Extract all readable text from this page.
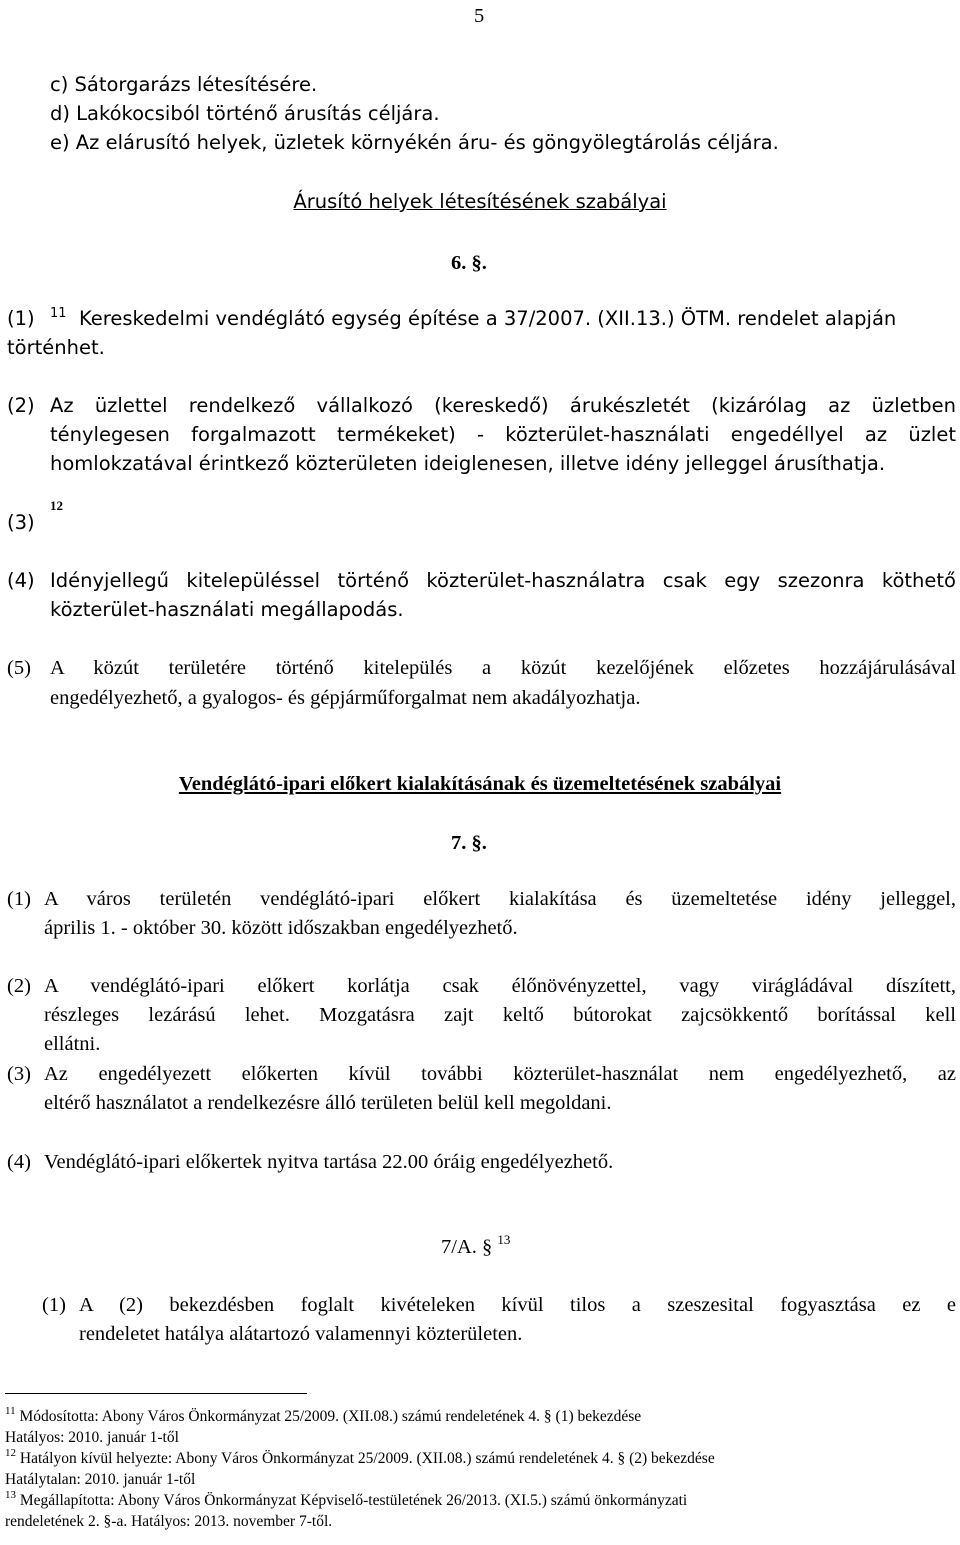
5
c) Sátorgarázs létesítésére.
d) Lakókocsiból történő árusítás céljára.
e) Az elárusító helyek, üzletek környékén áru- és göngyölegtárolás céljára.
Árusító helyek létesítésének szabályai
6. §.
(1) $^{11}$ Kereskedelmi vendéglátó egység építése a 37/2007. (XII.13.) ÖTM. rendelet alapján
történhet.
(2) Az üzlettel rendelkező vállalkozó (kereskedő) árukészletét (kizárólag az üzletben
ténylegesen forgalmazott termékeket) - közterület-használati engedéllyel az üzlet
homlokzatával érintkező közterületen ideiglenesen, illetve idény jelleggel árusíthatja.
(3)
12
(4) Idényjellegű kitelepüléssel történő közterület-használatra csak egy szezonra köthető
közterület-használati megállapodás.
(5) A közút területére történő kitelepülés a közút kezelőjének előzetes hozzájárulásával
engedélyezhető, a gyalogos- és gépjárműforgalmat nem akadályozhatja.
Vendéglátó-ipari előkert kialakításának és üzemeltetésének szabályai
7. §.
(1) A város területén vendéglátó-ipari előkert kialakítása és üzemeltetése idény jelleggel,
április 1. - október 30. között időszakban engedélyezhető.
(2) A vendéglátó-ipari előkert korlátja csak élőnövényzettel, vagy virágládával díszített,
részleges lezárású lehet. Mozgatásra zajt keltő bútorokat zajcsökkentő borítással kell
ellátni.
(3) Az engedélyezett előkerten kívül további közterület-használat nem engedélyezhető, az
eltérő használatot a rendelkezésre álló területen belül kell megoldani.
(4) Vendéglátó-ipari előkertek nyitva tartása 22.00 óráig engedélyezhető.
7/A. § $^{13}$
(1) A (2) bekezdésben foglalt kivételeken kívül tilos a szeszesital fogyasztása ez e
rendeletet hatálya alátartozó valamennyi közterületen.
$^{11}$ Módosította: Abony Város Önkormányzat 25/2009. (XII.08.) számú rendeletének 4. § (1) bekezdése
Hatályos: 2010. január 1-től
$^{12}$ Hatályon kívül helyezte: Abony Város Önkormányzat 25/2009. (XII.08.) számú rendeletének 4. § (2) bekezdése
Hatálytalan: 2010. január 1-től
$^{13}$ Megállapította: Abony Város Önkormányzat Képviselő-testületének 26/2013. (XI.5.) számú önkormányzati
rendeletének 2. §-a. Hatályos: 2013. november 7-től.
